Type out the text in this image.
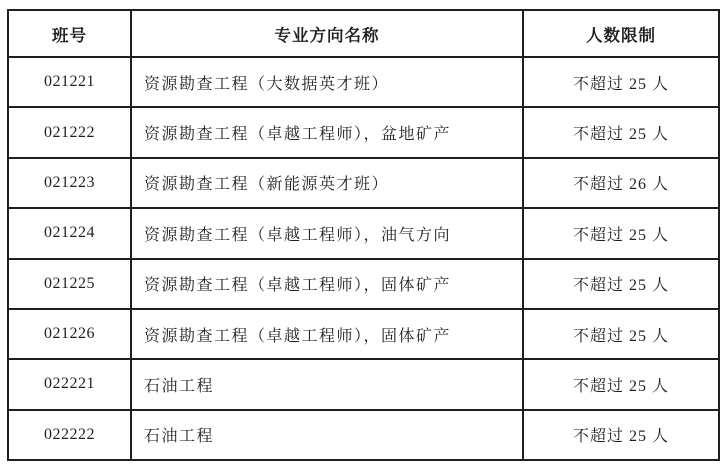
班号	专业方向名称	人数限制
021221	资源勘查工程（大数据英才班）	不超过 25 人
021222	资源勘查工程（卓越工程师），盆地矿产	不超过 25 人
021223	资源勘查工程（新能源英才班）	不超过 26 人
021224	资源勘查工程（卓越工程师），油气方向	不超过 25 人
021225	资源勘查工程（卓越工程师），固体矿产	不超过 25 人
021226	资源勘查工程（卓越工程师），固体矿产	不超过 25 人
022221	石油工程	不超过 25 人
022222	石油工程	不超过 25 人
